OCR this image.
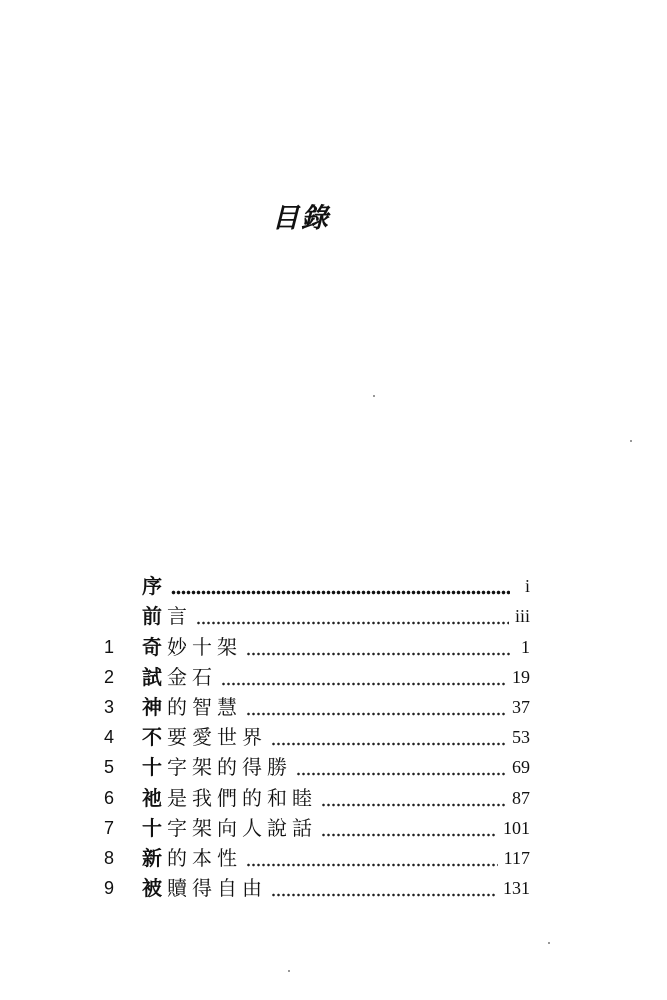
目錄
序	i
前言	iii
1	奇妙十架	1
2	試金石	19
3	神的智慧	37
4	不要愛世界	53
5	十字架的得勝	69
6	祂是我們的和睦	87
7	十字架向人說話	101
8	新的本性	117
9	被贖得自由	131
